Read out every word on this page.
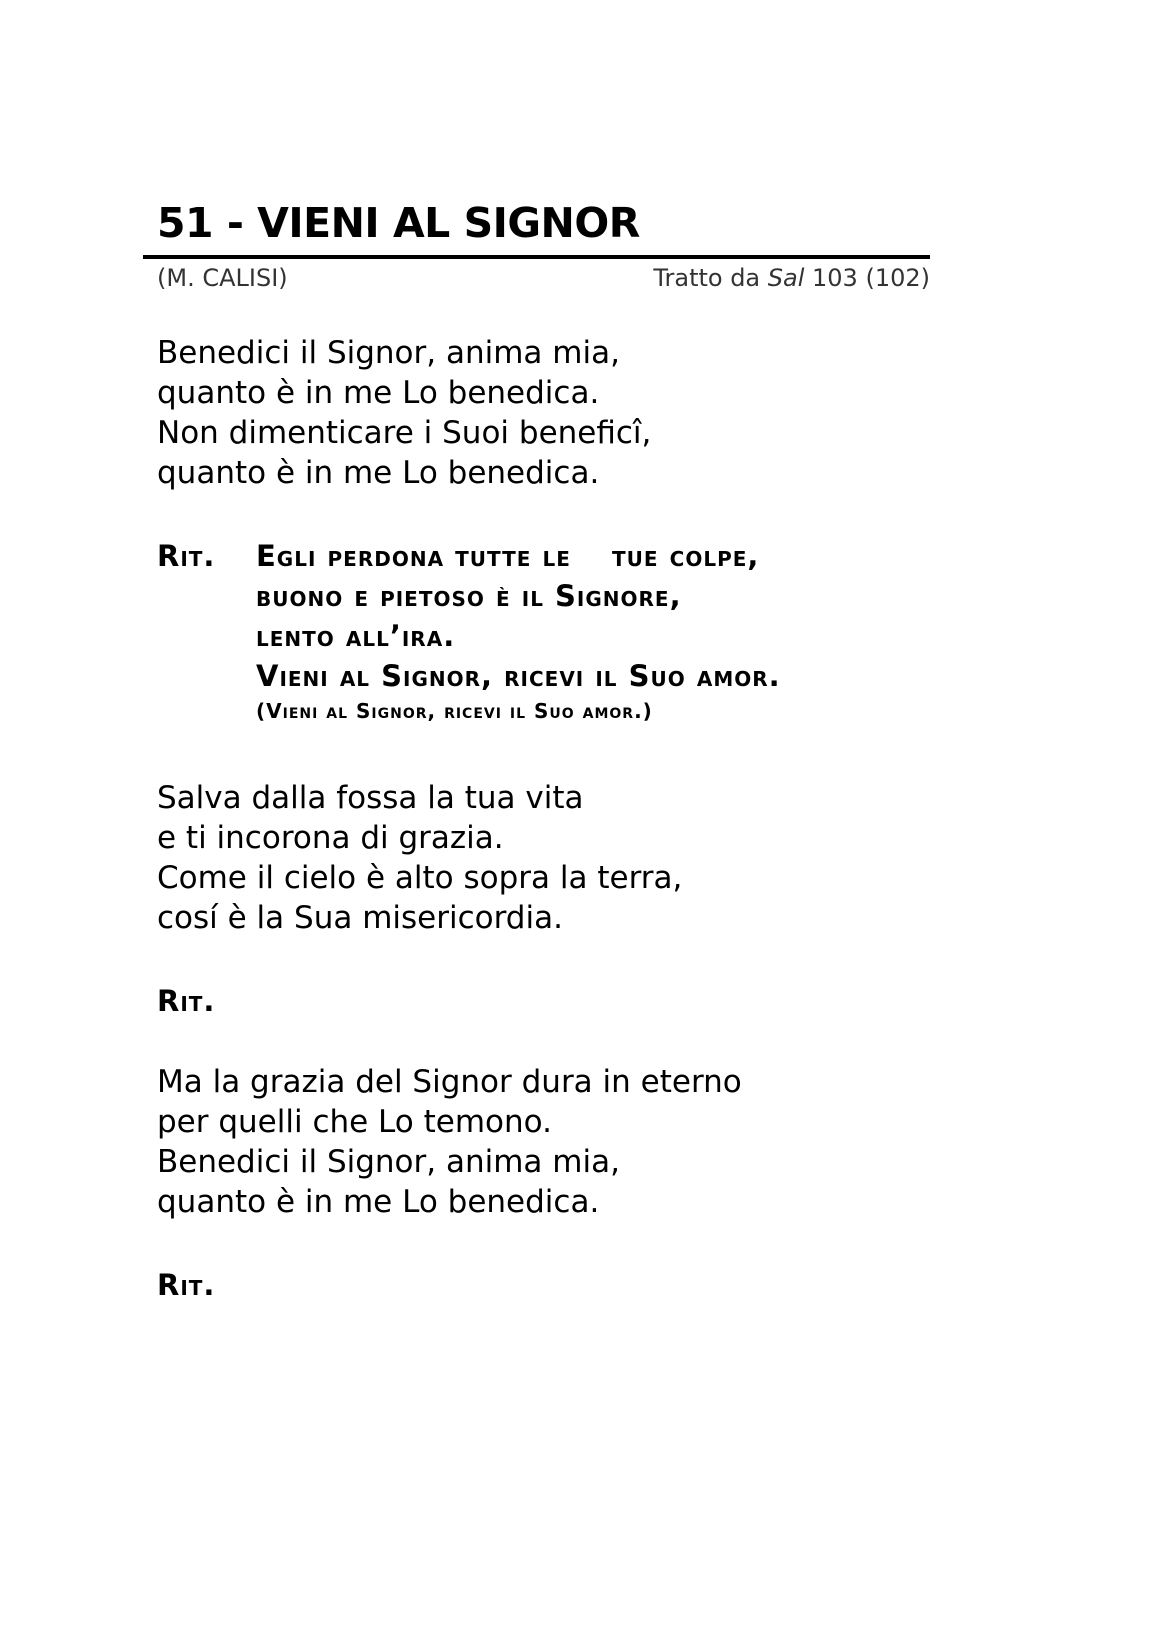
51 - VIENI AL SIGNOR
(M. CALISI)	Tratto da Sal 103 (102)
Benedici il Signor, anima mia,
quanto è in me Lo benedica.
Non dimenticare i Suoi beneficî,
quanto è in me Lo benedica.
Rit. Egli perdona tutte le  tue colpe,
buono e pietoso è il Signore,
lento all’ira.
Vieni al Signor, ricevi il Suo amor.
(Vieni al Signor, ricevi il Suo amor.)
Salva dalla fossa la tua vita
e ti incorona di grazia.
Come il cielo è alto sopra la terra,
cosí è la Sua misericordia.
Rit.
Ma la grazia del Signor dura in eterno
per quelli che Lo temono.
Benedici il Signor, anima mia,
quanto è in me Lo benedica.
Rit.
